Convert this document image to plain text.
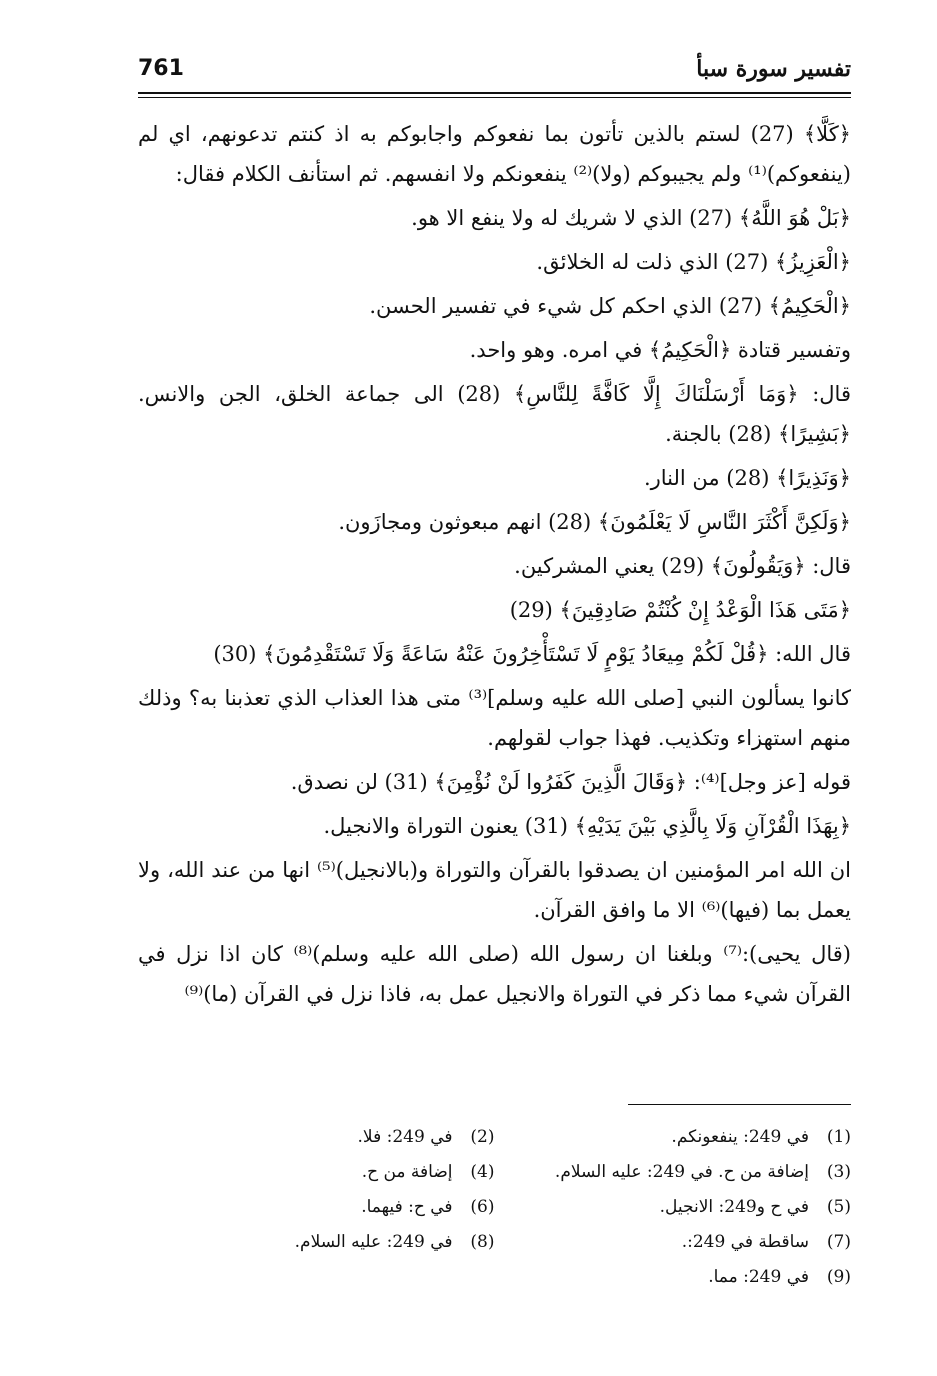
761	تفسير سورة سبأ

﴿كَلَّا﴾ (27) لستم بالذين تأتون بما نفعوكم واجابوكم به اذ كنتم تدعونهم، اي لم (ينفعوكم)⁽¹⁾ ولم يجيبوكم (ولا)⁽²⁾ ينفعونكم ولا انفسهم. ثم استأنف الكلام فقال:

﴿بَلْ هُوَ اللَّهُ﴾ (27) الذي لا شريك له ولا ينفع الا هو.

﴿الْعَزِيزُ﴾ (27) الذي ذلت له الخلائق.

﴿الْحَكِيمُ﴾ (27) الذي احكم كل شيء في تفسير الحسن.

وتفسير قتادة ﴿الْحَكِيمُ﴾ في امره. وهو واحد.

قال: ﴿وَمَا أَرْسَلْنَاكَ إِلَّا كَافَّةً لِلنَّاسِ﴾ (28) الى جماعة الخلق، الجن والانس. ﴿بَشِيرًا﴾ (28) بالجنة.

﴿وَنَذِيرًا﴾ (28) من النار.

﴿وَلَكِنَّ أَكْثَرَ النَّاسِ لَا يَعْلَمُونَ﴾ (28) انهم مبعوثون ومجازَون.

قال: ﴿وَيَقُولُونَ﴾ (29) يعني المشركين.

﴿مَتَى هَذَا الْوَعْدُ إِنْ كُنْتُمْ صَادِقِينَ﴾ (29)

قال الله: ﴿قُلْ لَكُمْ مِيعَادُ يَوْمٍ لَا تَسْتَأْخِرُونَ عَنْهُ سَاعَةً وَلَا تَسْتَقْدِمُونَ﴾ (30)

كانوا يسألون النبي [صلى الله عليه وسلم]⁽³⁾ متى هذا العذاب الذي تعذبنا به؟ وذلك منهم استهزاء وتكذيب. فهذا جواب لقولهم.

قوله [عز وجل]⁽⁴⁾: ﴿وَقَالَ الَّذِينَ كَفَرُوا لَنْ نُؤْمِنَ﴾ (31) لن نصدق.

﴿بِهَذَا الْقُرْآنِ وَلَا بِالَّذِي بَيْنَ يَدَيْهِ﴾ (31) يعنون التوراة والانجيل.

ان الله امر المؤمنين ان يصدقوا بالقرآن والتوراة و(بالانجيل)⁽⁵⁾ انها من عند الله، ولا يعمل بما (فيها)⁽⁶⁾ الا ما وافق القرآن.

(قال يحيى):⁽⁷⁾ وبلغنا ان رسول الله (صلى الله عليه وسلم)⁽⁸⁾ كان اذا نزل في القرآن شيء مما ذكر في التوراة والانجيل عمل به، فاذا نزل في القرآن (ما)⁽⁹⁾

(1)
في 249: ينفعونكم.
(2)
في 249: فلا.
(3)
إضافة من ح. في 249: عليه السلام.
(4)
إضافة من ح.
(5)
في ح و249: الانجيل.
(6)
في ح: فيهما.
(7)
ساقطة في 249:.
(8)
في 249: عليه السلام.
(9)
في 249: مما.
